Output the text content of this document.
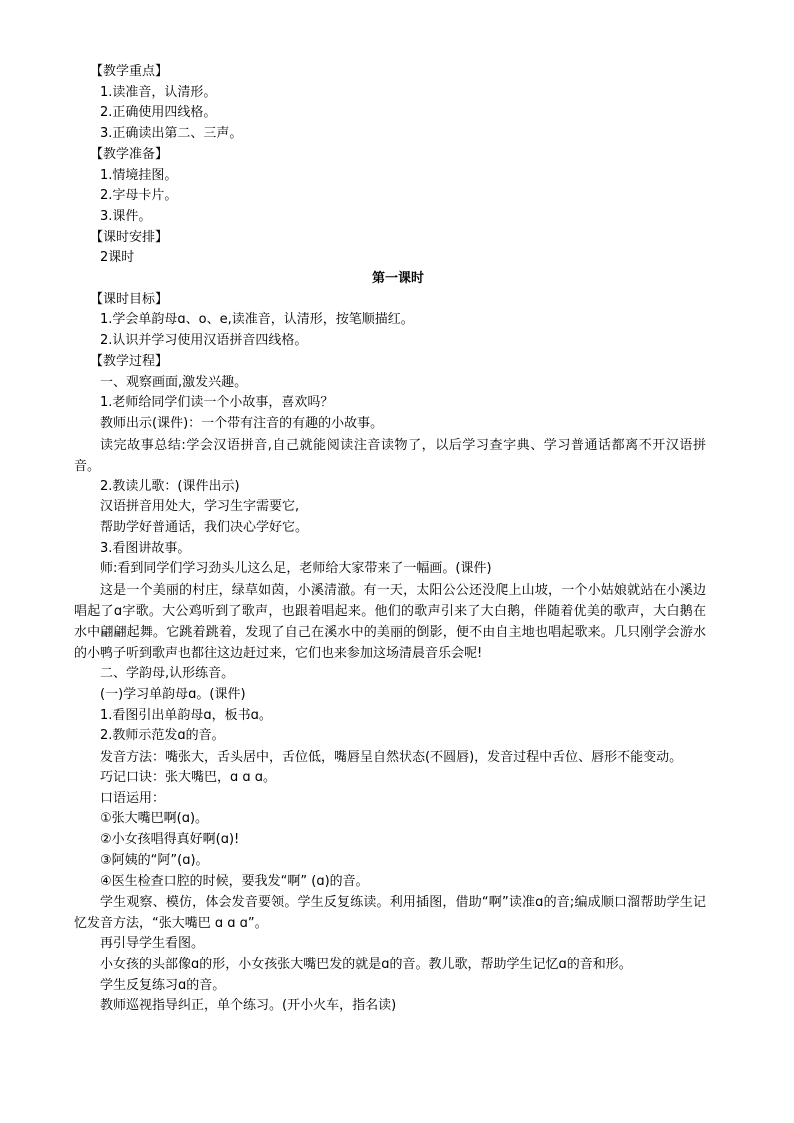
【教学重点】

1.读准音，认清形。

2.正确使用四线格。

3.正确读出第二、三声。

【教学准备】

1.情境挂图。

2.字母卡片。

3.课件。

【课时安排】

2课时

第一课时

【课时目标】

1.学会单韵母ɑ、o、e,读准音，认清形，按笔顺描红。

2.认识并学习使用汉语拼音四线格。

【教学过程】

一、观察画面,激发兴趣。

1.老师给同学们读一个小故事，喜欢吗？

教师出示(课件)：一个带有注音的有趣的小故事。

读完故事总结:学会汉语拼音,自己就能阅读注音读物了，以后学习查字典、学习普通话都离不开汉语拼音。

2.教读儿歌：(课件出示)

汉语拼音用处大，学习生字需要它,

帮助学好普通话，我们决心学好它。

3.看图讲故事。

师:看到同学们学习劲头儿这么足，老师给大家带来了一幅画。(课件)

这是一个美丽的村庄，绿草如茵，小溪清澈。有一天，太阳公公还没爬上山坡，一个小姑娘就站在小溪边唱起了ɑ字歌。大公鸡听到了歌声，也跟着唱起来。他们的歌声引来了大白鹅，伴随着优美的歌声，大白鹅在水中翩翩起舞。它跳着跳着，发现了自己在溪水中的美丽的倒影，便不由自主地也唱起歌来。几只刚学会游水的小鸭子听到歌声也都往这边赶过来，它们也来参加这场清晨音乐会呢!

二、学韵母,认形练音。

(一)学习单韵母ɑ。(课件)

1.看图引出单韵母ɑ，板书ɑ。

2.教师示范发ɑ的音。

发音方法：嘴张大，舌头居中，舌位低，嘴唇呈自然状态(不圆唇)，发音过程中舌位、唇形不能变动。

巧记口诀：张大嘴巴，ɑ ɑ ɑ。

口语运用：

①张大嘴巴啊(ɑ)。

②小女孩唱得真好啊(ɑ)!

③阿姨的“阿”(ɑ)。

④医生检查口腔的时候，要我发“啊” (ɑ)的音。

学生观察、模仿，体会发音要领。学生反复练读。利用插图，借助“啊”读准ɑ的音;编成顺口溜帮助学生记忆发音方法，“张大嘴巴 ɑ ɑ ɑ”。

再引导学生看图。

小女孩的头部像ɑ的形，小女孩张大嘴巴发的就是ɑ的音。教儿歌，帮助学生记忆ɑ的音和形。

学生反复练习ɑ的音。

教师巡视指导纠正，单个练习。(开小火车，指名读)
